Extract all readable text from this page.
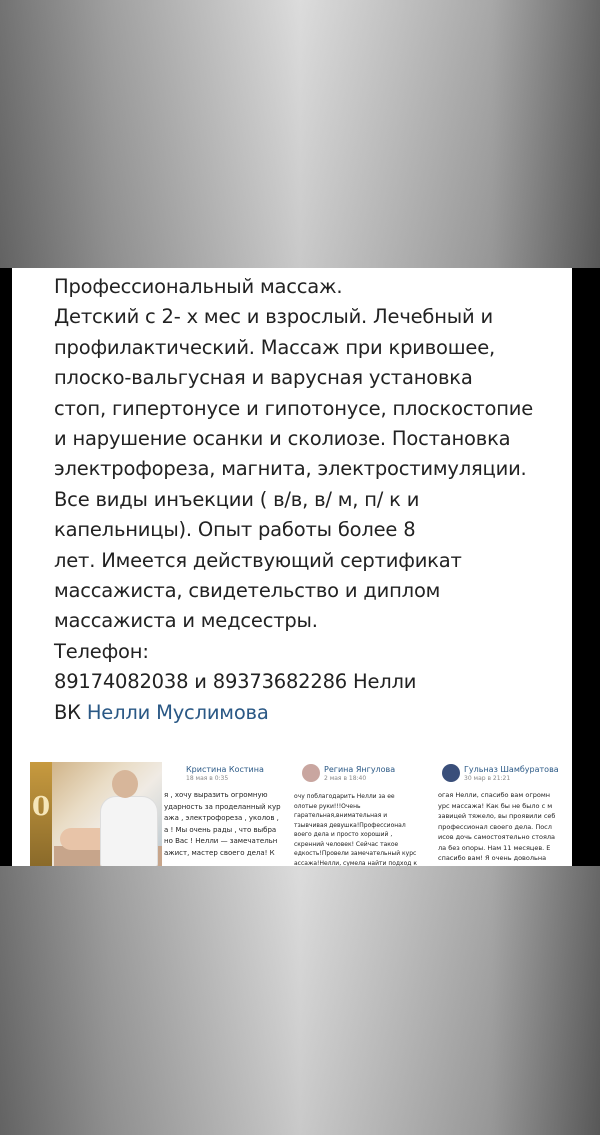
Профессиональный массаж.
Детский с 2- х мес и взрослый. Лечебный и
профилактический. Массаж при кривошее,
плоско-вальгусная и варусная установка
стоп, гипертонусе и гипотонусе, плоскостопие
и нарушение осанки и сколиозе. Постановка
электрофореза, магнита, электростимуляции.
Все виды инъекции ( в/в, в/ м, п/ к и
капельницы). Опыт работы более 8
лет. Имеется действующий сертификат
массажиста, свидетельство и диплом
массажиста и медсестры.
Телефон:
89174082038 и 89373682286 Нелли
ВК Нелли Муслимова
0
Кристина Костина
18 мая в 0:35
я , хочу выразить огромную
ударность за проделанный кур
ажа , электрофореза , уколов ,
а ! Мы очень рады , что выбра
но Вас ! Нелли — замечательн
ажист, мастер своего дела! К
Регина Янгулова
2 мая в 18:40
очу поблагодарить Нелли за ее
олотые руки!!!Очень
гарательная,внимательная и
тзывчивая девушка!Профессионал
воего дела и просто хороший ,
скренний человек! Сейчас такое
едкость!Провели замечательный курс
ассажа!Нелли, сумела найти подход к
Гульназ Шамбуратова
30 мар в 21:21
огая Нелли, спасибо вам огромн
урс массажа! Как бы не было с м
завицей тяжело, вы проявили себ
профессионал своего дела. Посл
исов дочь самостоятельно стояла
ла без опоры. Нам 11 месяцев. Е
спасибо вам! Я очень довольна
